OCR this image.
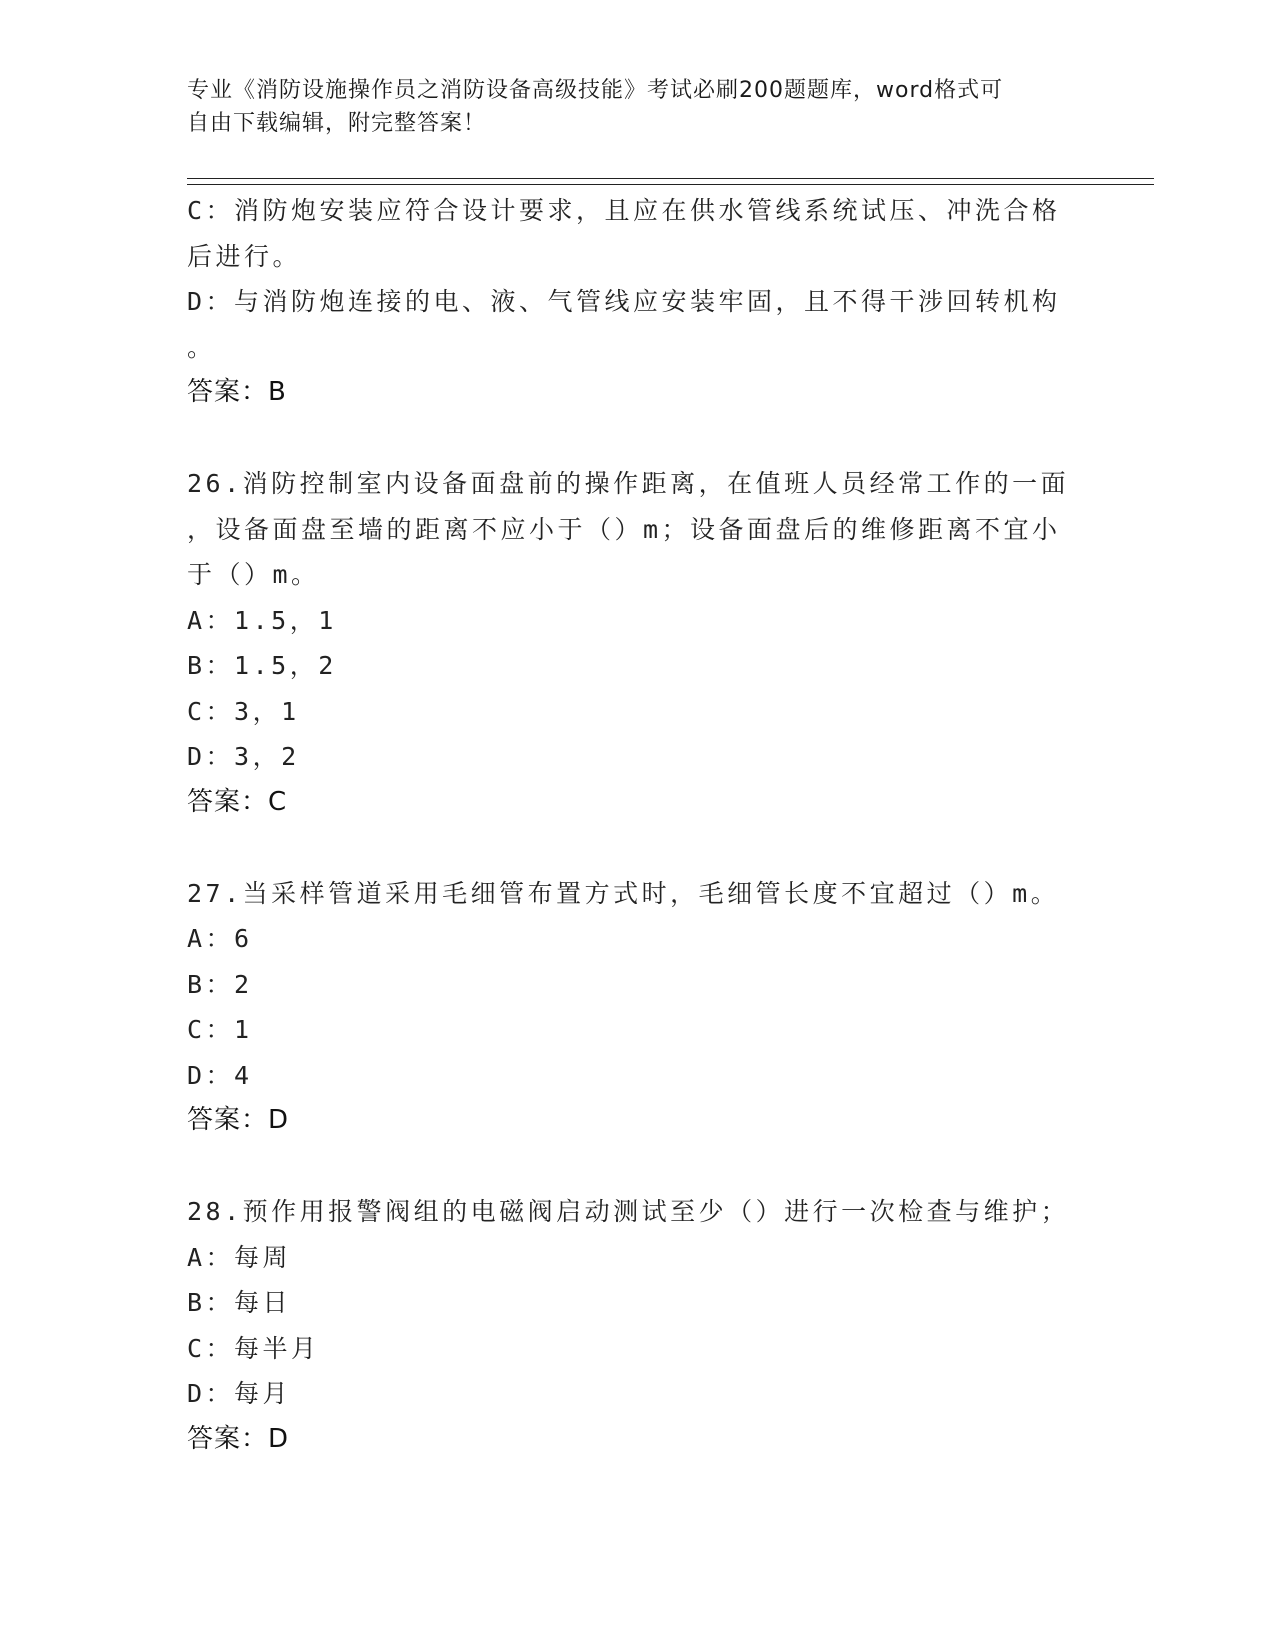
专业《消防设施操作员之消防设备高级技能》考试必刷200题题库，word格式可
自由下载编辑，附完整答案！
C：消防炮安装应符合设计要求，且应在供水管线系统试压、冲洗合格
后进行。
D：与消防炮连接的电、液、气管线应安装牢固，且不得干涉回转机构
。
答案：B
26.消防控制室内设备面盘前的操作距离，在值班人员经常工作的一面
，设备面盘至墙的距离不应小于（）m；设备面盘后的维修距离不宜小
于（）m。
A：1.5，1
B：1.5，2
C：3，1
D：3，2
答案：C
27.当采样管道采用毛细管布置方式时，毛细管长度不宜超过（）m。
A：6
B：2
C：1
D：4
答案：D
28.预作用报警阀组的电磁阀启动测试至少（）进行一次检查与维护；
A：每周
B：每日
C：每半月
D：每月
答案：D
